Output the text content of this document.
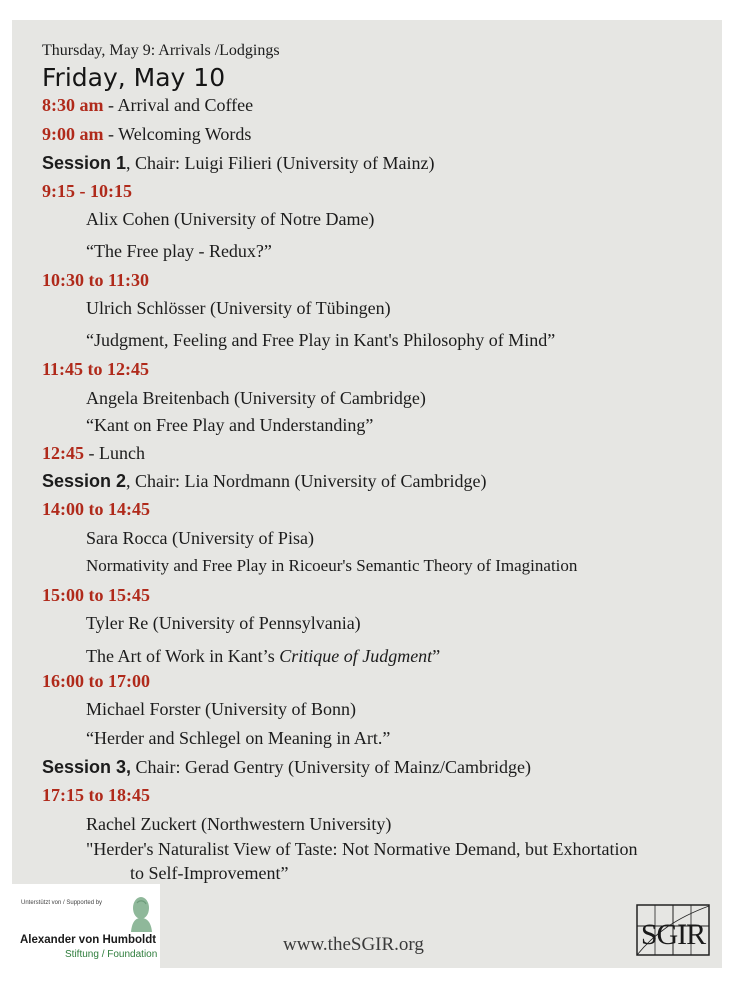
Thursday, May 9: Arrivals /Lodgings
Friday, May 10
8:30 am - Arrival and Coffee
9:00 am - Welcoming Words
Session 1, Chair: Luigi Filieri (University of Mainz)
9:15 - 10:15
Alix Cohen (University of Notre Dame)
“The Free play - Redux?”
10:30 to 11:30
Ulrich Schlösser (University of Tübingen)
“Judgment, Feeling and Free Play in Kant's Philosophy of Mind”
11:45 to 12:45
Angela Breitenbach (University of Cambridge)
“Kant on Free Play and Understanding”
12:45 - Lunch
Session 2, Chair: Lia Nordmann (University of Cambridge)
14:00 to 14:45
Sara Rocca (University of Pisa)
Normativity and Free Play in Ricoeur's Semantic Theory of Imagination
15:00 to 15:45
Tyler Re (University of Pennsylvania)
The Art of Work in Kant’s Critique of Judgment”
16:00 to 17:00
Michael Forster (University of Bonn)
“Herder and Schlegel on Meaning in Art.”
Session 3, Chair: Gerad Gentry (University of Mainz/Cambridge)
17:15 to 18:45
Rachel Zuckert (Northwestern University)
"Herder's Naturalist View of Taste: Not Normative Demand, but Exhortation
to Self-Improvement”
Unterstützt von / Supported by
Alexander von Humboldt
Stiftung / Foundation	www.theSGIR.org	SGIR
